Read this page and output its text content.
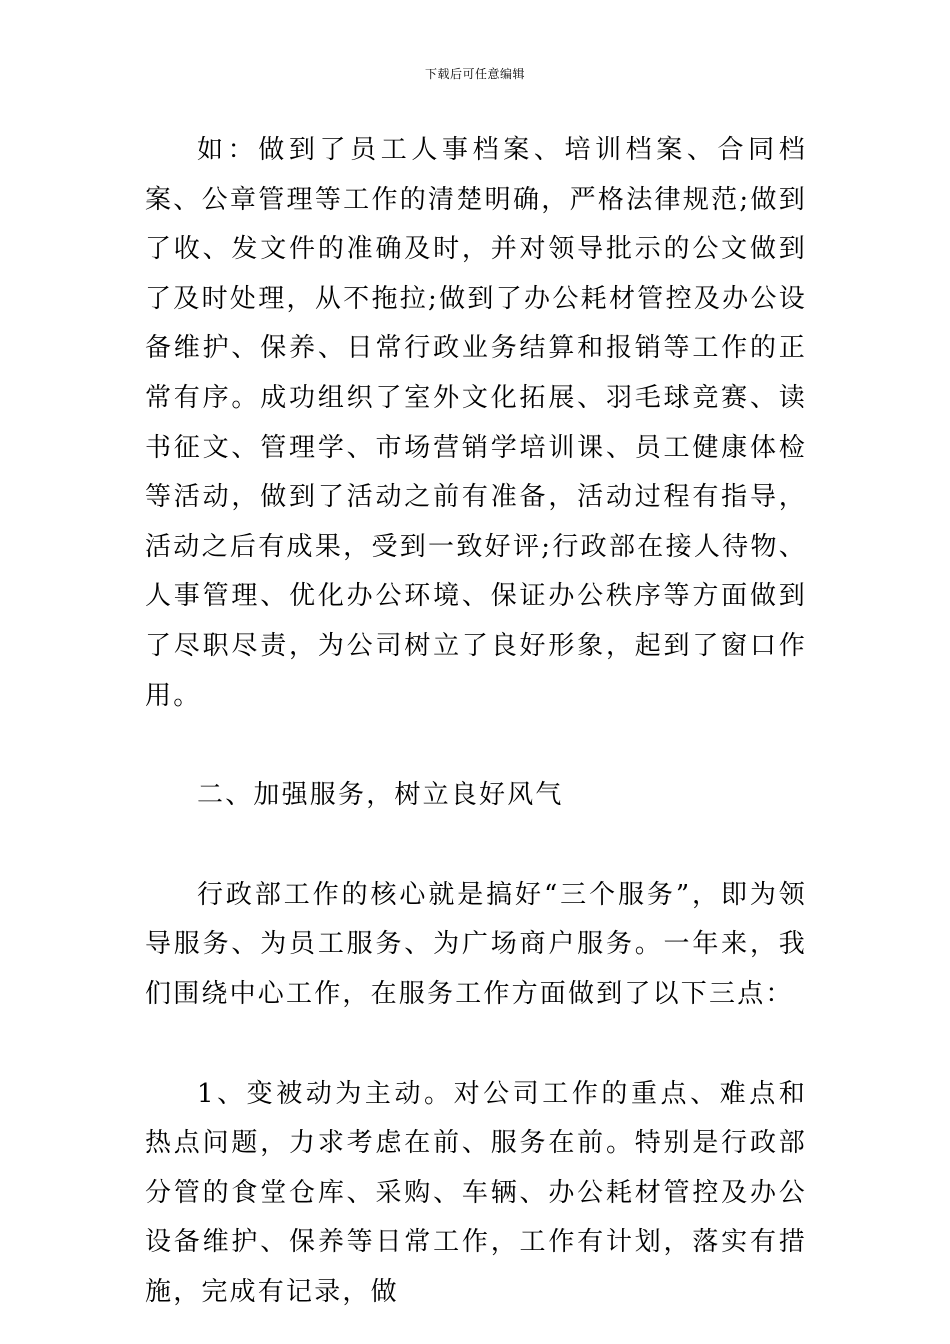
下载后可任意编辑

如：做到了员工人事档案、培训档案、合同档案、公章管理等工作的清楚明确，严格法律规范;做到了收、发文件的准确及时，并对领导批示的公文做到了及时处理，从不拖拉;做到了办公耗材管控及办公设备维护、保养、日常行政业务结算和报销等工作的正常有序。成功组织了室外文化拓展、羽毛球竞赛、读书征文、管理学、市场营销学培训课、员工健康体检等活动，做到了活动之前有准备，活动过程有指导，活动之后有成果，受到一致好评;行政部在接人待物、人事管理、优化办公环境、保证办公秩序等方面做到了尽职尽责，为公司树立了良好形象，起到了窗口作用。

二、加强服务，树立良好风气

行政部工作的核心就是搞好“三个服务”，即为领导服务、为员工服务、为广场商户服务。一年来，我们围绕中心工作，在服务工作方面做到了以下三点：

1、变被动为主动。对公司工作的重点、难点和热点问题，力求考虑在前、服务在前。特别是行政部分管的食堂仓库、采购、车辆、办公耗材管控及办公设备维护、保养等日常工作，工作有计划，落实有措施，完成有记录，做
